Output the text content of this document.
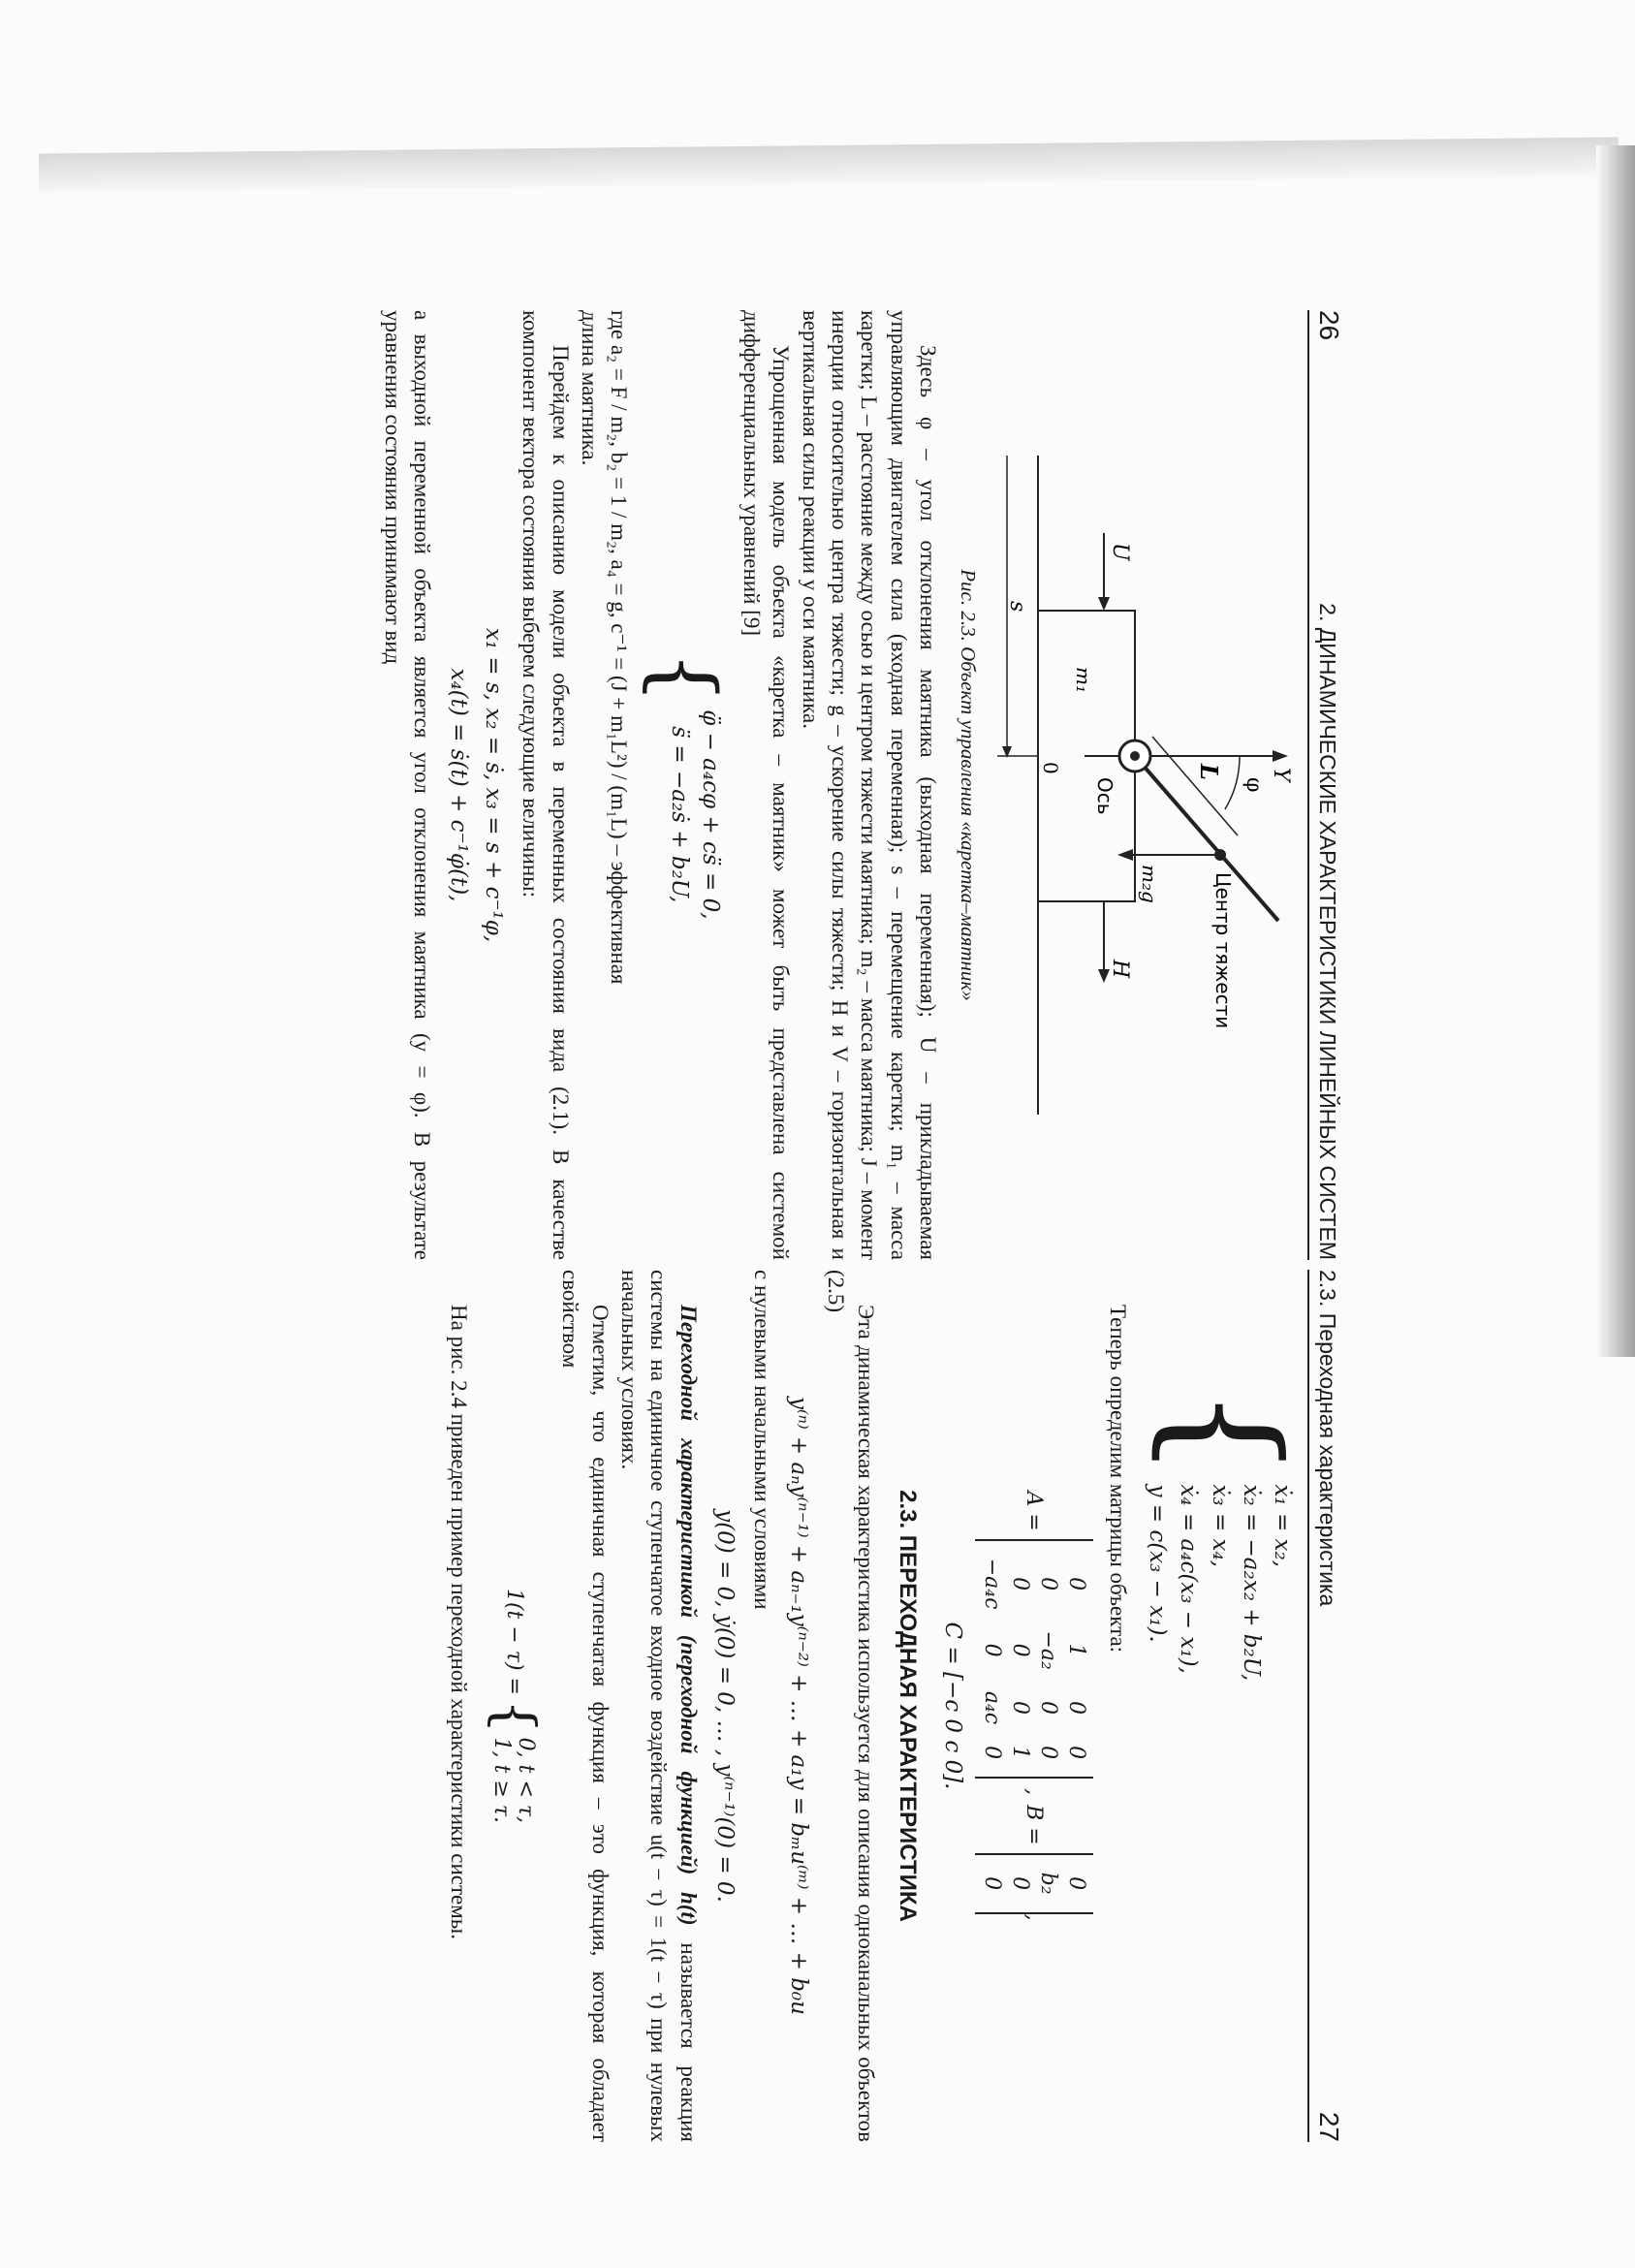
26
2. ДИНАМИЧЕСКИЕ ХАРАКТЕРИСТИКИ ЛИНЕЙНЫХ СИСТЕМ
Y
φ
Центр тяжести
L
m₂g
Ось
m₁
U
H
0
s

Рис. 2.3. Объект управления «каретка–маятник»

Здесь φ – угол отклонения маятника (выходная переменная); U – прикладываемая управляющим двигателем сила (входная переменная); s – перемещение каретки; m₁ – масса каретки; L – расстояние между осью и центром тяжести маятника; m₂ – масса маятника; J – момент инерции относительно центра тяжести; g – ускорение силы тяжести; H и V – горизонтальная и вертикальная силы реакции у оси маятника.

Упрощенная модель объекта «каретка – маятник» может быть представлена системой дифференциальных уравнений [9]

{
φ̈ − a₄cφ + cs̈ = 0,
s̈ = −a₂ṡ + b₂U,

где a₂ = F / m₂, b₂ = 1 / m₂, a₄ = g, c⁻¹ = (J + m₁L²) / (m₁L) – эффективная

длина маятника.

Перейдем к описанию модели объекта в переменных состояния вида (2.1). В качестве компонент вектора состояния выберем следующие величины:

x₁ = s, x₂ = ṡ, x₃ = s + c⁻¹φ,
x₄(t) = ṡ(t) + c⁻¹φ̇(t),

а выходной переменной объекта является угол отклонения маятника (y = φ). В результате уравнения состояния принимают вид

27
2.3. Переходная характеристика
{
ẋ₁ = x₂,
ẋ₂ = −a₂x₂ + b₂U,
ẋ₃ = x₄,
ẋ₄ = a₄c(x₃ − x₁),
y = c(x₃ − x₁).

Теперь определим матрицы объекта:

A =
0	1	0	0
0	−a₂	0	0
0	0	0	1
−a₄c	0	a₄c	0
,
B =
0
b₂
0
0
,
C = [−c 0 c 0].
2.3. ПЕРЕХОДНАЯ ХАРАКТЕРИСТИКА

Эта динамическая характеристика используется для описания одноканальных объектов (2.5)

y⁽ⁿ⁾ + aₙy⁽ⁿ⁻¹⁾ + aₙ₋₁y⁽ⁿ⁻²⁾ + … + a₁y = bₘu⁽ᵐ⁾ + … + b₀u

с нулевыми начальными условиями

y(0) = 0, ẏ(0) = 0, … , y⁽ⁿ⁻¹⁾(0) = 0.

Переходной характеристикой (переходной функцией) h(t) называется реакция системы на единичное ступенчатое входное воздействие u(t − τ) = 1(t − τ) при нулевых начальных условиях.

Отметим, что единичная ступенчатая функция – это функция, которая обладает свойством

1(t − τ) =
{
0, t < τ,
1, t ≥ τ.

На рис. 2.4 приведен пример переходной характеристики системы.
